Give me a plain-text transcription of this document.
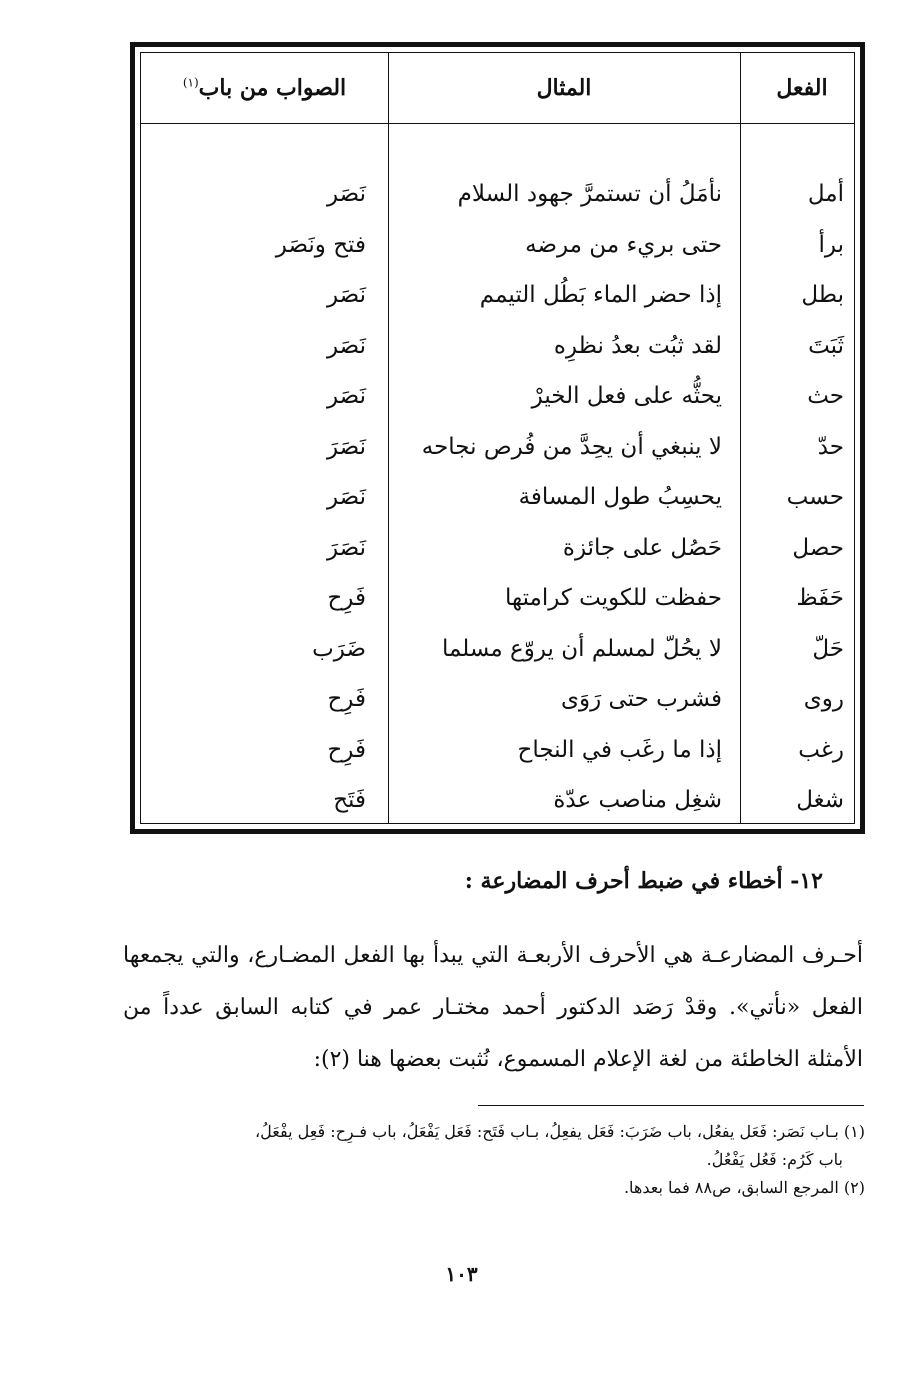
الفعل
المثال
الصواب من باب$^{(١)}$
أمل
نأمَلُ أن تستمرَّ جهود السلام
نَصَر
برأ
حتى بريء من مرضه
فتح ونَصَر
بطل
إذا حضر الماء بَطُل التيمم
نَصَر
ثَبَتَ
لقد ثبُت بعدُ نظرِه
نَصَر
حث
يحثُّه على فعل الخيرْ
نَصَر
حدّ
لا ينبغي أن يحِدَّ من فُرص نجاحه
نَصَرَ
حسب
يحسِبُ طول المسافة
نَصَر
حصل
حَصُل على جائزة
نَصَرَ
حَفَظ
حفظت للكويت كرامتها
فَرِح
حَلّ
لا يحُلّ لمسلم أن يروّع مسلما
ضَرَب
روى
فشرب حتى رَوَى
فَرِح
رغب
إذا ما رغَب في النجاح
فَرِح
شغل
شغِل مناصب عدّة
فَتَح
١٢- أخطاء في ضبط أحرف المضارعة :
أحـرف المضارعـة هي الأحرف الأربعـة التي يبدأ بها الفعل المضـارع، والتي يجمعها الفعل «نأتي». وقدْ رَصَد الدكتور أحمد مختـار عمر في كتابه السابق عدداً من الأمثلة الخاطئة من لغة الإعلام المسموع، نُثبت بعضها هنا (٢):

(١) بـاب نَصَر: فَعَل يفعُل، باب ضَرَبَ: فَعَل يفعِلُ، بـاب فَتَح: فَعَل يَفْعَلُ، باب فـرِح: فَعِل يفْعَلُ،

باب كَرُم: فَعُل يَفْعُلُ.

(٢) المرجع السابق، ص٨٨ فما بعدها.

١٠٣
